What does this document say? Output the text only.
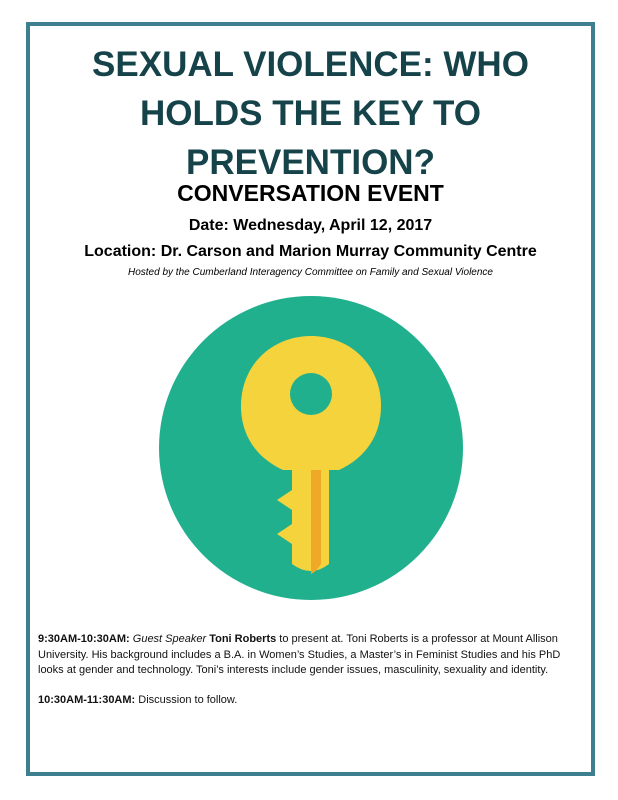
SEXUAL VIOLENCE: WHO
HOLDS THE KEY TO
PREVENTION?
CONVERSATION EVENT
Date: Wednesday, April 12, 2017
Location: Dr. Carson and Marion Murray Community Centre
Hosted by the Cumberland Interagency Committee on Family and Sexual Violence

9:30AM-10:30AM: Guest Speaker Toni Roberts to present at. Toni Roberts is a professor at Mount Allison University. His background includes a B.A. in Women’s Studies, a Master’s in Feminist Studies and his PhD looks at gender and technology. Toni’s interests include gender issues, masculinity, sexuality and identity.

10:30AM-11:30AM: Discussion to follow.
